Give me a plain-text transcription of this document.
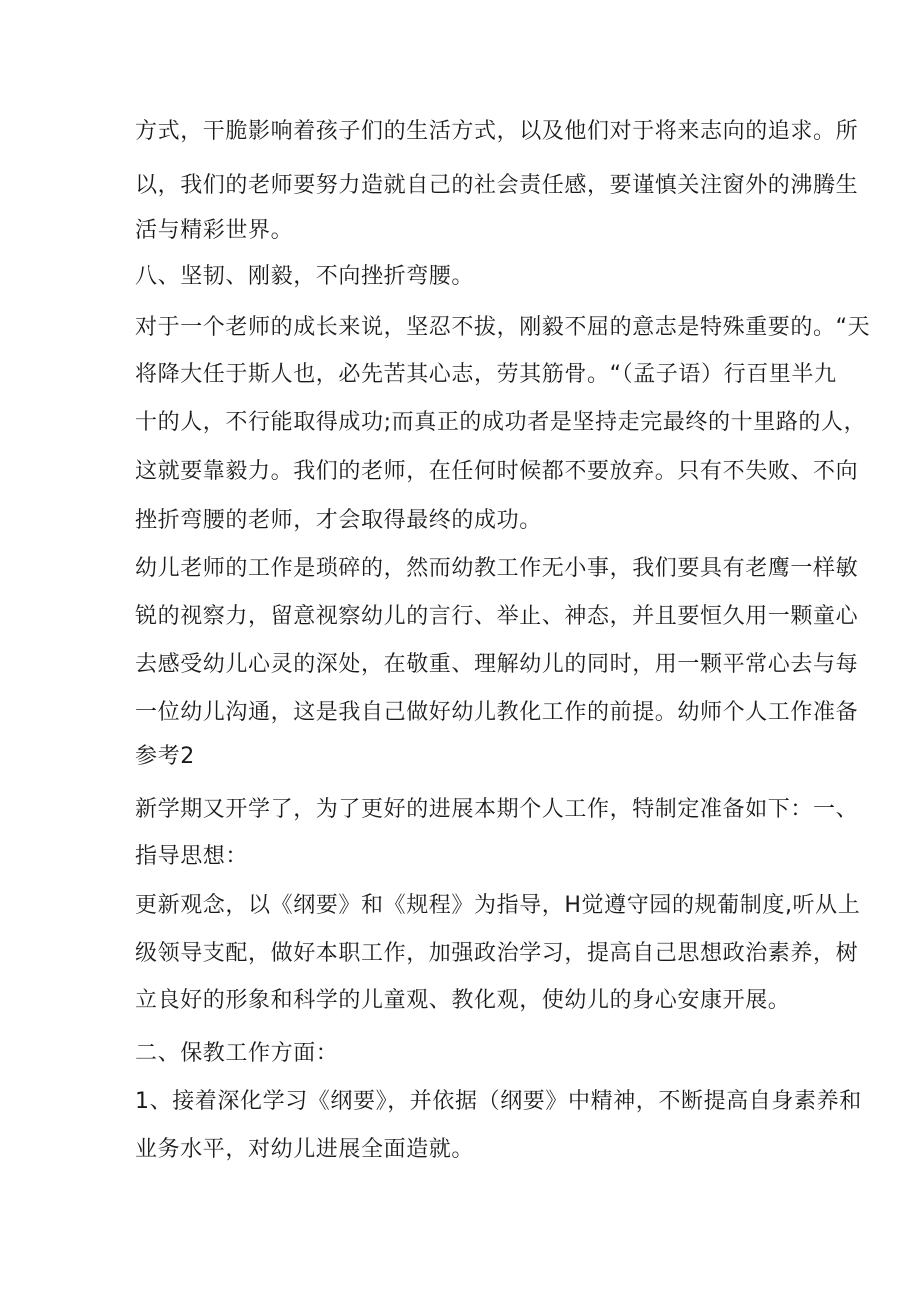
方式，干脆影响着孩子们的生活方式，以及他们对于将来志向的追求。所
以，我们的老师要努力造就自己的社会责任感，要谨慎关注窗外的沸腾生
活与精彩世界。
八、坚韧、刚毅，不向挫折弯腰。
对于一个老师的成长来说，坚忍不拔，刚毅不屈的意志是特殊重要的。“天
将降大任于斯人也，必先苦其心志，劳其筋骨。“（孟子语）行百里半九
十的人，不行能取得成功;而真正的成功者是坚持走完最终的十里路的人，
这就要靠毅力。我们的老师，在任何时候都不要放弃。只有不失败、不向
挫折弯腰的老师，才会取得最终的成功。
幼儿老师的工作是琐碎的，然而幼教工作无小事，我们要具有老鹰一样敏
锐的视察力，留意视察幼儿的言行、举止、神态，并且要恒久用一颗童心
去感受幼儿心灵的深处，在敬重、理解幼儿的同时，用一颗平常心去与每
一位幼儿沟通，这是我自己做好幼儿教化工作的前提。幼师个人工作准备
参考2
新学期又开学了，为了更好的进展本期个人工作，特制定准备如下：一、
指导思想：
更新观念，以《纲要》和《规程》为指导，H觉遵守园的规葡制度,听从上
级领导支配，做好本职工作，加强政治学习，提高自己思想政治素养，树
立良好的形象和科学的儿童观、教化观，使幼儿的身心安康开展。
二、保教工作方面：
1、接着深化学习《纲要》，并依据（纲要》中精神，不断提高自身素养和
业务水平，对幼儿进展全面造就。
